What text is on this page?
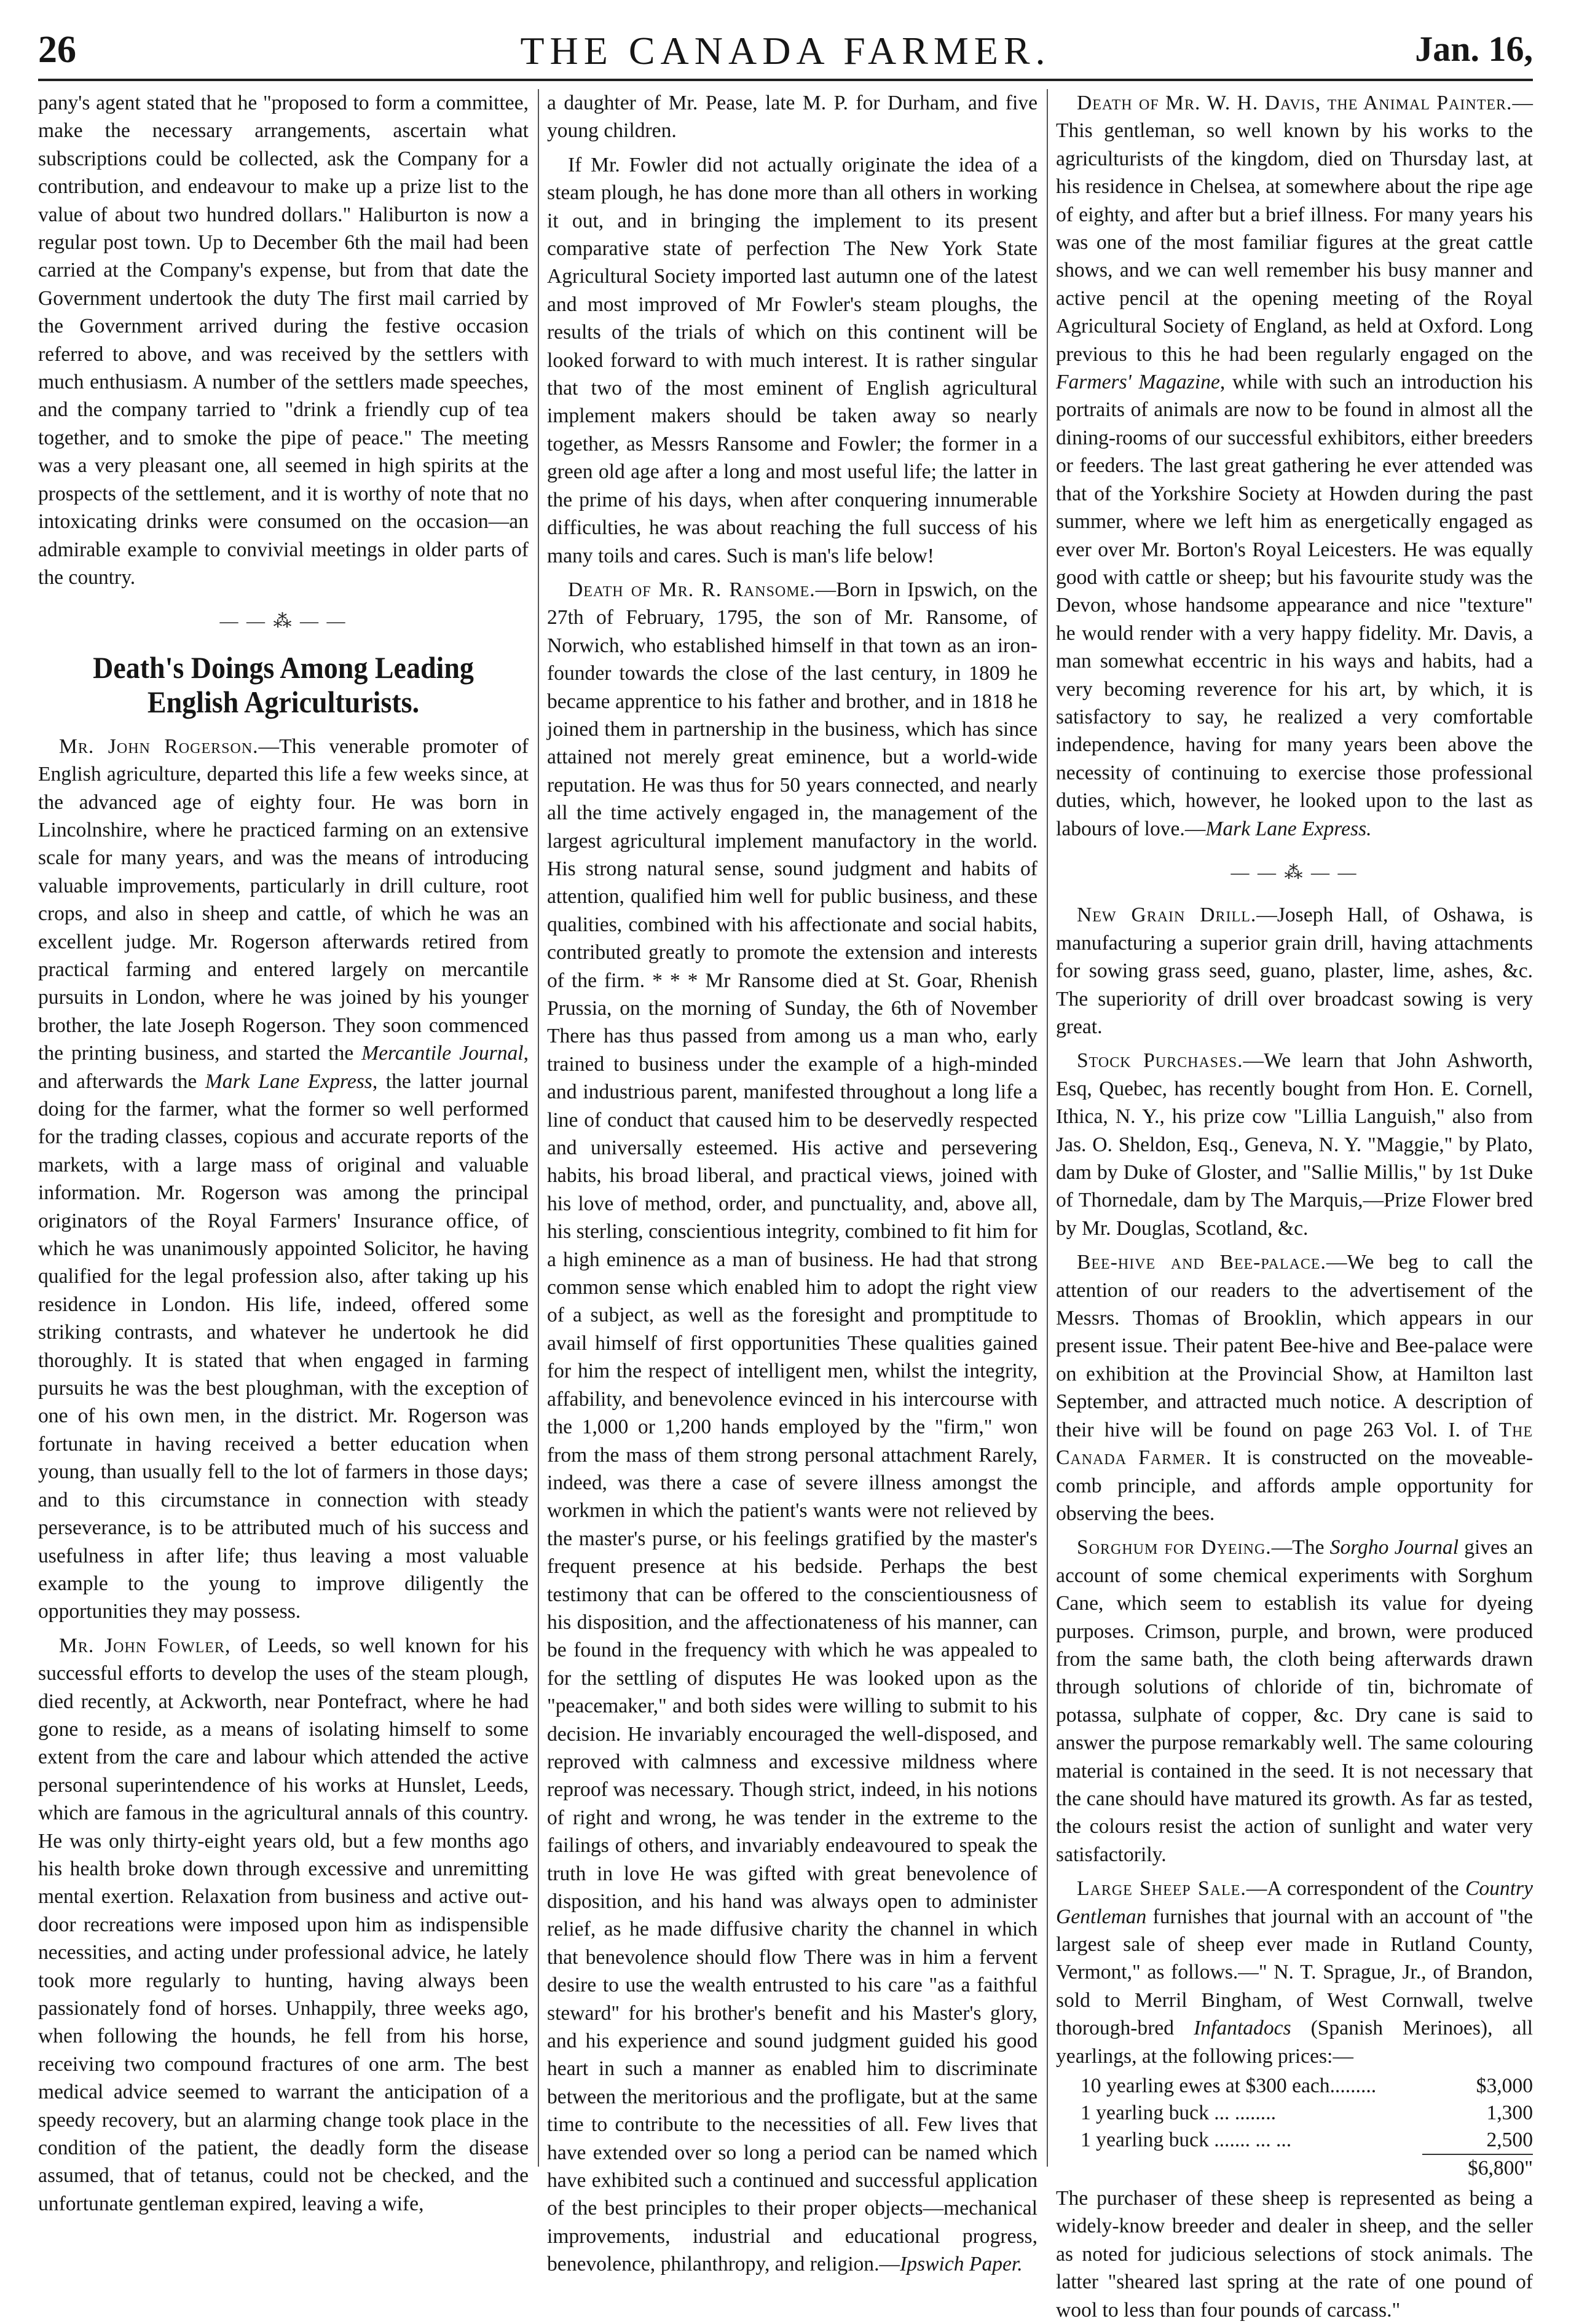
26	THE CANADA FARMER.	Jan. 16,

pany's agent stated that he "proposed to form a committee, make the necessary arrangements, ascertain what subscriptions could be collected, ask the Company for a contribution, and endeavour to make up a prize list to the value of about two hundred dollars." Haliburton is now a regular post town. Up to December 6th the mail had been carried at the Company's expense, but from that date the Government undertook the duty The first mail carried by the Government arrived during the festive occasion referred to above, and was received by the settlers with much enthusiasm. A number of the settlers made speeches, and the company tarried to "drink a friendly cup of tea together, and to smoke the pipe of peace." The meeting was a very pleasant one, all seemed in high spirits at the prospects of the settlement, and it is worthy of note that no intoxicating drinks were consumed on the occasion—an admirable example to convivial meetings in older parts of the country.

— — ⁂ — —
Death's Doings Among Leading English Agriculturists.

Mr. John Rogerson.—This venerable promoter of English agriculture, departed this life a few weeks since, at the advanced age of eighty four. He was born in Lincolnshire, where he practiced farming on an extensive scale for many years, and was the means of introducing valuable improvements, particularly in drill culture, root crops, and also in sheep and cattle, of which he was an excellent judge. Mr. Rogerson afterwards retired from practical farming and entered largely on mercantile pursuits in London, where he was joined by his younger brother, the late Joseph Rogerson. They soon commenced the printing business, and started the Mercantile Journal, and afterwards the Mark Lane Express, the latter journal doing for the farmer, what the former so well performed for the trading classes, copious and accurate reports of the markets, with a large mass of original and valuable information. Mr. Rogerson was among the principal originators of the Royal Farmers' Insurance office, of which he was unanimously appointed Solicitor, he having qualified for the legal profession also, after taking up his residence in London. His life, indeed, offered some striking contrasts, and whatever he undertook he did thoroughly. It is stated that when engaged in farming pursuits he was the best ploughman, with the exception of one of his own men, in the district. Mr. Rogerson was fortunate in having received a better education when young, than usually fell to the lot of farmers in those days; and to this circumstance in connection with steady perseverance, is to be attributed much of his success and usefulness in after life; thus leaving a most valuable example to the young to improve diligently the opportunities they may possess.

Mr. John Fowler, of Leeds, so well known for his successful efforts to develop the uses of the steam plough, died recently, at Ackworth, near Pontefract, where he had gone to reside, as a means of isolating himself to some extent from the care and labour which attended the active personal superintendence of his works at Hunslet, Leeds, which are famous in the agricultural annals of this country. He was only thirty-eight years old, but a few months ago his health broke down through excessive and unremitting mental exertion. Relaxation from business and active out-door recreations were imposed upon him as indispensible necessities, and acting under professional advice, he lately took more regularly to hunting, having always been passionately fond of horses. Unhappily, three weeks ago, when following the hounds, he fell from his horse, receiving two compound fractures of one arm. The best medical advice seemed to warrant the anticipation of a speedy recovery, but an alarming change took place in the condition of the patient, the deadly form the disease assumed, that of tetanus, could not be checked, and the unfortunate gentleman expired, leaving a wife,

a daughter of Mr. Pease, late M. P. for Durham, and five young children.

If Mr. Fowler did not actually originate the idea of a steam plough, he has done more than all others in working it out, and in bringing the implement to its present comparative state of perfection The New York State Agricultural Society imported last autumn one of the latest and most improved of Mr Fowler's steam ploughs, the results of the trials of which on this continent will be looked forward to with much interest. It is rather singular that two of the most eminent of English agricultural implement makers should be taken away so nearly together, as Messrs Ransome and Fowler; the former in a green old age after a long and most useful life; the latter in the prime of his days, when after conquering innumerable difficulties, he was about reaching the full success of his many toils and cares. Such is man's life below!

Death of Mr. R. Ransome.—Born in Ipswich, on the 27th of February, 1795, the son of Mr. Ransome, of Norwich, who established himself in that town as an iron-founder towards the close of the last century, in 1809 he became apprentice to his father and brother, and in 1818 he joined them in partnership in the business, which has since attained not merely great eminence, but a world-wide reputation. He was thus for 50 years connected, and nearly all the time actively engaged in, the management of the largest agricultural implement manufactory in the world. His strong natural sense, sound judgment and habits of attention, qualified him well for public business, and these qualities, combined with his affectionate and social habits, contributed greatly to promote the extension and interests of the firm. * * * Mr Ransome died at St. Goar, Rhenish Prussia, on the morning of Sunday, the 6th of November There has thus passed from among us a man who, early trained to business under the example of a high-minded and industrious parent, manifested throughout a long life a line of conduct that caused him to be deservedly respected and universally esteemed. His active and persevering habits, his broad liberal, and practical views, joined with his love of method, order, and punctuality, and, above all, his sterling, conscientious integrity, combined to fit him for a high eminence as a man of business. He had that strong common sense which enabled him to adopt the right view of a subject, as well as the foresight and promptitude to avail himself of first opportunities These qualities gained for him the respect of intelligent men, whilst the integrity, affability, and benevolence evinced in his intercourse with the 1,000 or 1,200 hands employed by the "firm," won from the mass of them strong personal attachment Rarely, indeed, was there a case of severe illness amongst the workmen in which the patient's wants were not relieved by the master's purse, or his feelings gratified by the master's frequent presence at his bedside. Perhaps the best testimony that can be offered to the conscientiousness of his disposition, and the affectionateness of his manner, can be found in the frequency with which he was appealed to for the settling of disputes He was looked upon as the "peacemaker," and both sides were willing to submit to his decision. He invariably encouraged the well-disposed, and reproved with calmness and excessive mildness where reproof was necessary. Though strict, indeed, in his notions of right and wrong, he was tender in the extreme to the failings of others, and invariably endeavoured to speak the truth in love He was gifted with great benevolence of disposition, and his hand was always open to administer relief, as he made diffusive charity the channel in which that benevolence should flow There was in him a fervent desire to use the wealth entrusted to his care "as a faithful steward" for his brother's benefit and his Master's glory, and his experience and sound judgment guided his good heart in such a manner as enabled him to discriminate between the meritorious and the profligate, but at the same time to contribute to the necessities of all. Few lives that have extended over so long a period can be named which have exhibited such a continued and successful application of the best principles to their proper objects—mechanical improvements, industrial and educational progress, benevolence, philanthropy, and religion.—Ipswich Paper.

Death of Mr. W. H. Davis, the Animal Painter.—This gentleman, so well known by his works to the agriculturists of the kingdom, died on Thursday last, at his residence in Chelsea, at somewhere about the ripe age of eighty, and after but a brief illness. For many years his was one of the most familiar figures at the great cattle shows, and we can well remember his busy manner and active pencil at the opening meeting of the Royal Agricultural Society of England, as held at Oxford. Long previous to this he had been regularly engaged on the Farmers' Magazine, while with such an introduction his portraits of animals are now to be found in almost all the dining-rooms of our successful exhibitors, either breeders or feeders. The last great gathering he ever attended was that of the Yorkshire Society at Howden during the past summer, where we left him as energetically engaged as ever over Mr. Borton's Royal Leicesters. He was equally good with cattle or sheep; but his favourite study was the Devon, whose handsome appearance and nice "texture" he would render with a very happy fidelity. Mr. Davis, a man somewhat eccentric in his ways and habits, had a very becoming reverence for his art, by which, it is satisfactory to say, he realized a very comfortable independence, having for many years been above the necessity of continuing to exercise those professional duties, which, however, he looked upon to the last as labours of love.—Mark Lane Express.

— — ⁂ — —

New Grain Drill.—Joseph Hall, of Oshawa, is manufacturing a superior grain drill, having attachments for sowing grass seed, guano, plaster, lime, ashes, &c. The superiority of drill over broadcast sowing is very great.

Stock Purchases.—We learn that John Ashworth, Esq, Quebec, has recently bought from Hon. E. Cornell, Ithica, N. Y., his prize cow "Lillia Languish," also from Jas. O. Sheldon, Esq., Geneva, N. Y. "Maggie," by Plato, dam by Duke of Gloster, and "Sallie Millis," by 1st Duke of Thornedale, dam by The Marquis,—Prize Flower bred by Mr. Douglas, Scotland, &c.

Bee-hive and Bee-palace.—We beg to call the attention of our readers to the advertisement of the Messrs. Thomas of Brooklin, which appears in our present issue. Their patent Bee-hive and Bee-palace were on exhibition at the Provincial Show, at Hamilton last September, and attracted much notice. A description of their hive will be found on page 263 Vol. I. of The Canada Farmer. It is constructed on the moveable-comb principle, and affords ample opportunity for observing the bees.

Sorghum for Dyeing.—The Sorgho Journal gives an account of some chemical experiments with Sorghum Cane, which seem to establish its value for dyeing purposes. Crimson, purple, and brown, were produced from the same bath, the cloth being afterwards drawn through solutions of chloride of tin, bichromate of potassa, sulphate of copper, &c. Dry cane is said to answer the purpose remarkably well. The same colouring material is contained in the seed. It is not necessary that the cane should have matured its growth. As far as tested, the colours resist the action of sunlight and water very satisfactorily.

Large Sheep Sale.—A correspondent of the Country Gentleman furnishes that journal with an account of "the largest sale of sheep ever made in Rutland County, Vermont," as follows.—" N. T. Sprague, Jr., of Brandon, sold to Merril Bingham, of West Cornwall, twelve thorough-bred Infantadocs (Spanish Merinoes), all yearlings, at the following prices:—

10 yearling ewes at $300 each.........	$3,000
1 yearling buck ... ........	1,300
1 yearling buck ....... ... ...	2,500
$6,800"

The purchaser of these sheep is represented as being a widely-know breeder and dealer in sheep, and the seller as noted for judicious selections of stock animals. The latter "sheared last spring at the rate of one pound of wool to less than four pounds of carcass."
